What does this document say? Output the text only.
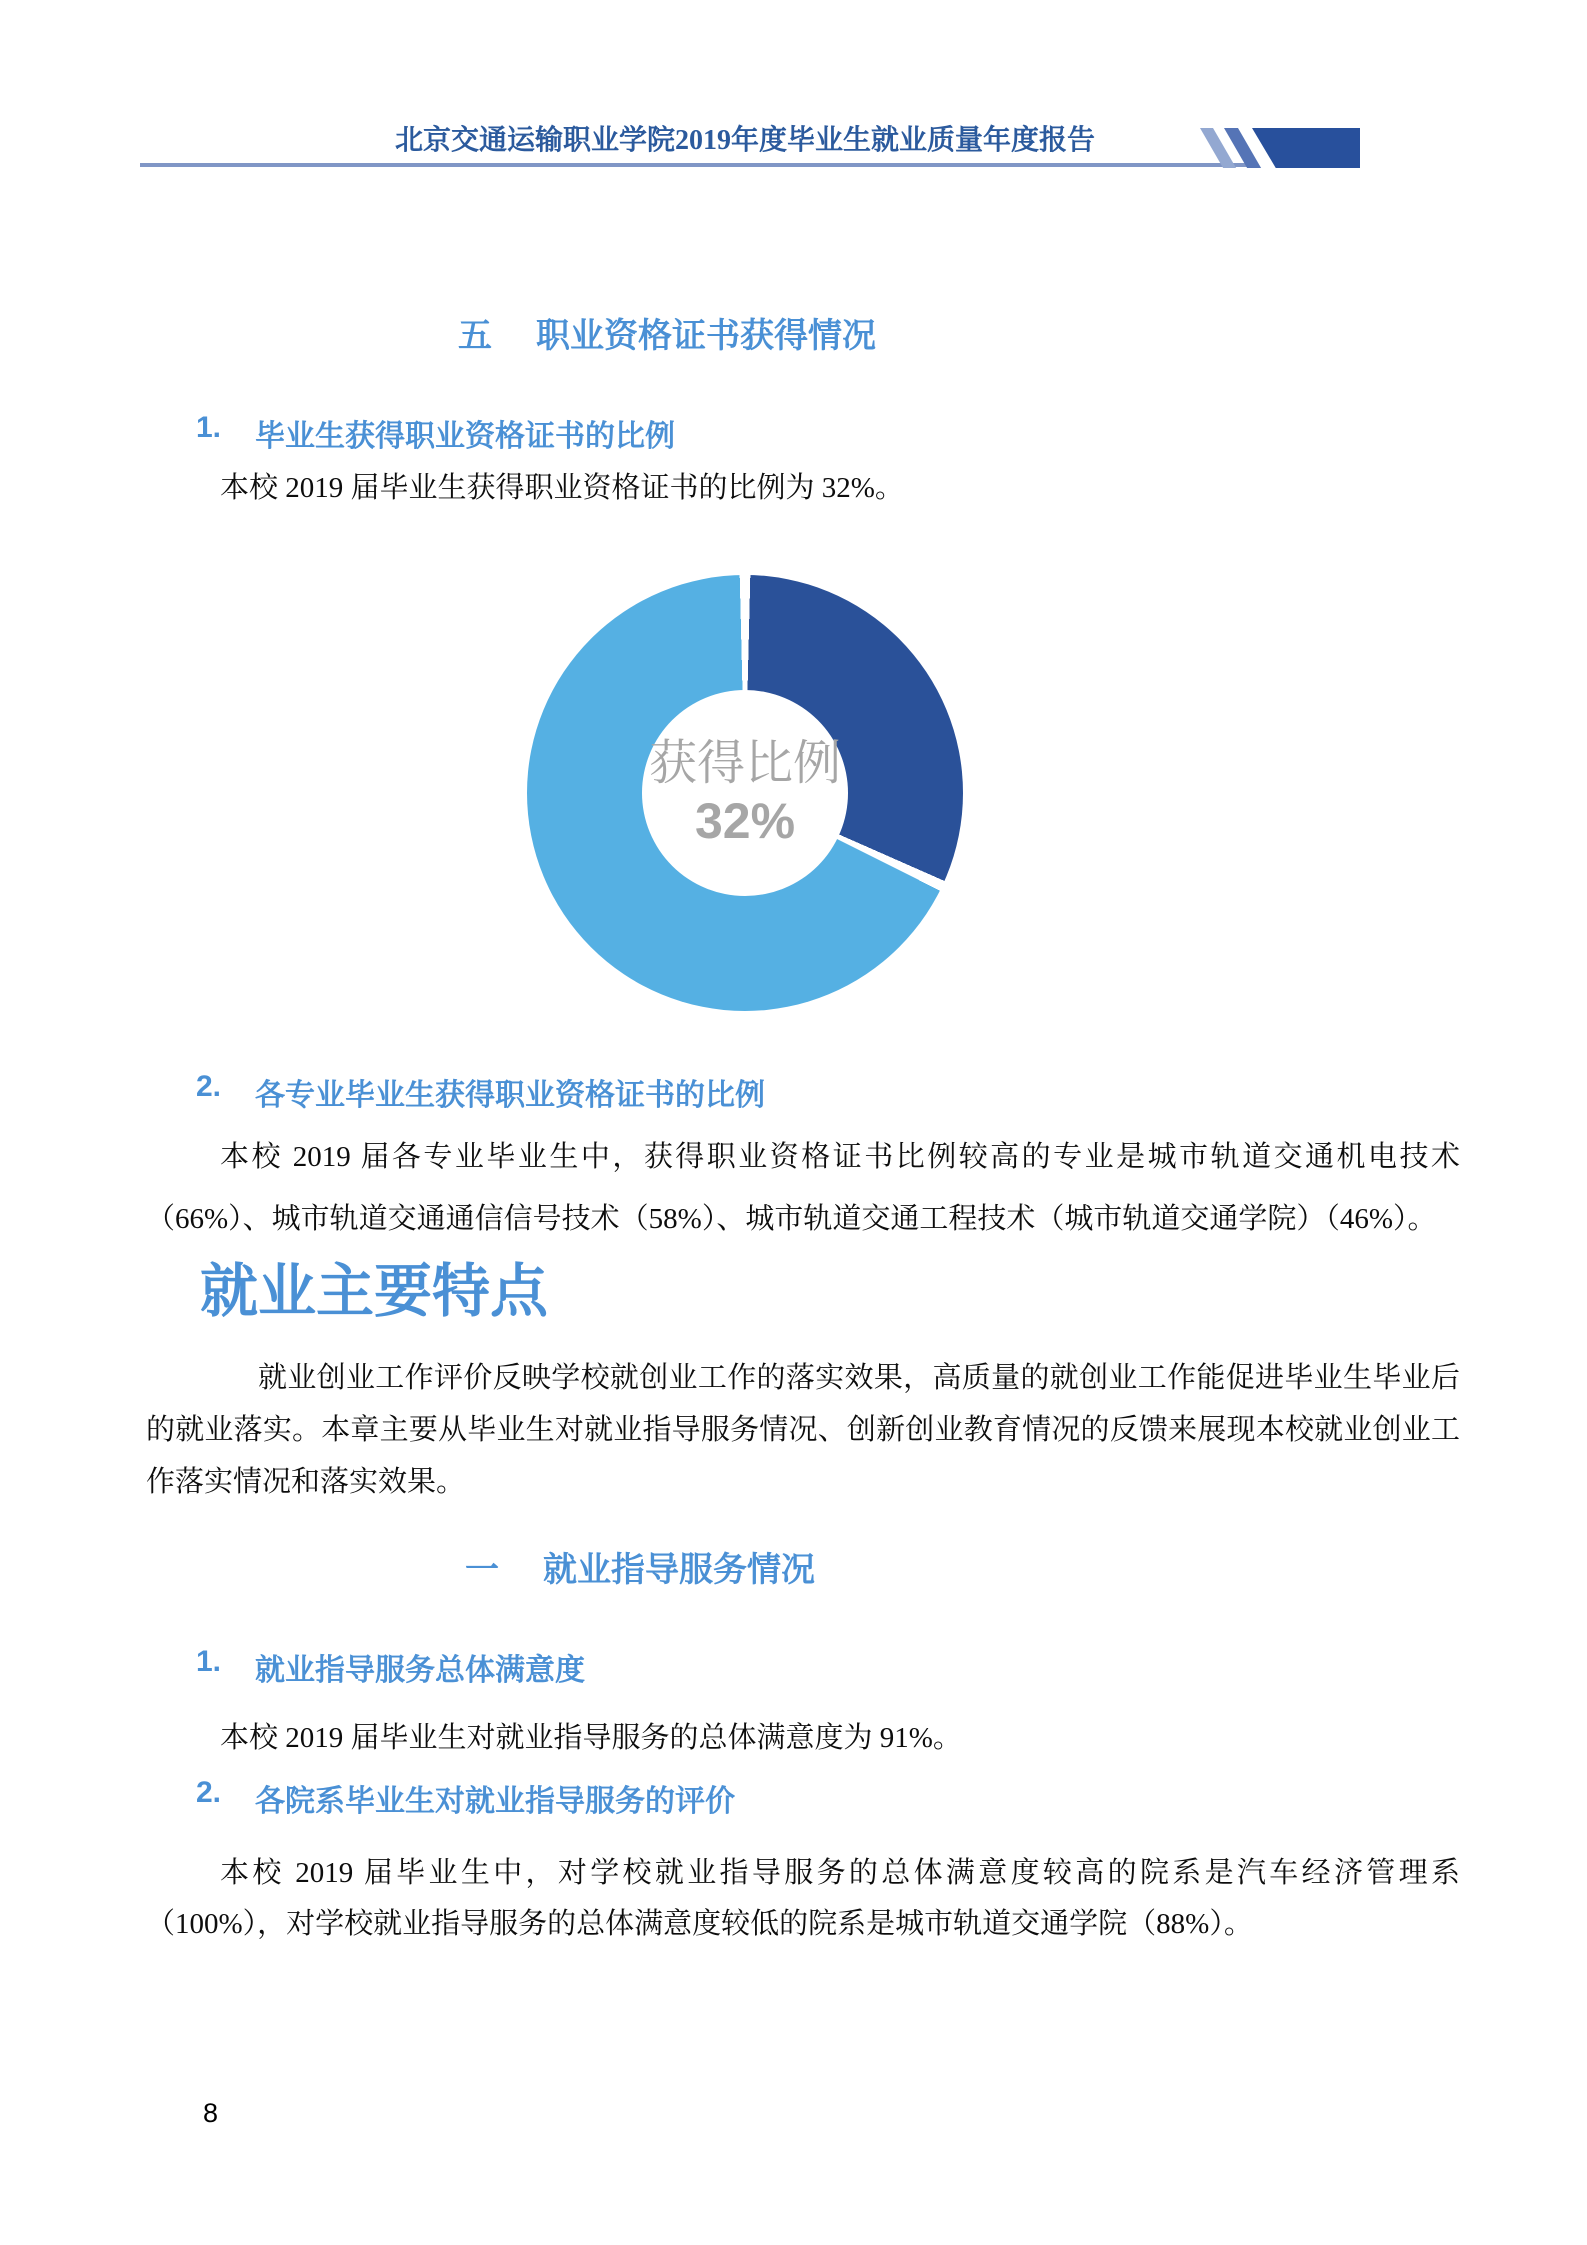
北京交通运输职业学院2019年度毕业生就业质量年度报告
五 职业资格证书获得情况
1.	毕业生获得职业资格证书的比例
本校 2019 届毕业生获得职业资格证书的比例为 32%。
获得比例
32%
2.	各专业毕业生获得职业资格证书的比例
本校 2019 届各专业毕业生中，获得职业资格证书比例较高的专业是城市轨道交通机电技术（66%）、城市轨道交通通信信号技术（58%）、城市轨道交通工程技术（城市轨道交通学院）（46%）。
就业主要特点
就业创业工作评价反映学校就创业工作的落实效果，高质量的就创业工作能促进毕业生毕业后的就业落实。本章主要从毕业生对就业指导服务情况、创新创业教育情况的反馈来展现本校就业创业工作落实情况和落实效果。
一 就业指导服务情况
1.	就业指导服务总体满意度
本校 2019 届毕业生对就业指导服务的总体满意度为 91%。
2.	各院系毕业生对就业指导服务的评价
本校 2019 届毕业生中，对学校就业指导服务的总体满意度较高的院系是汽车经济管理系（100%），对学校就业指导服务的总体满意度较低的院系是城市轨道交通学院（88%）。
8
